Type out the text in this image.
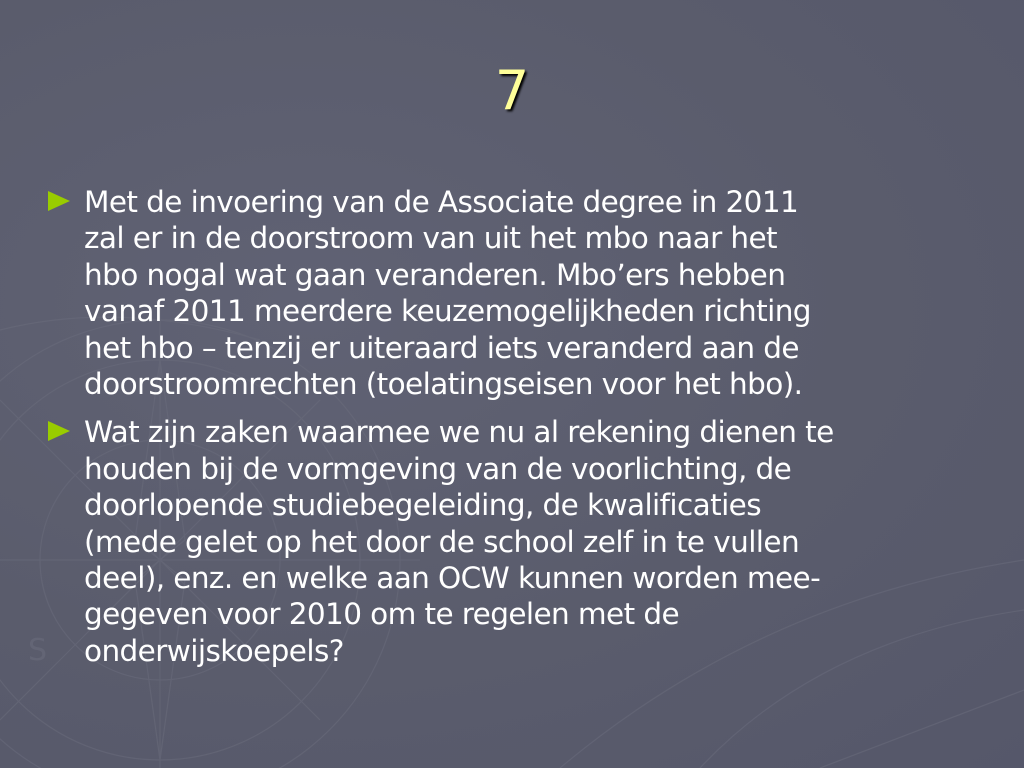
S
7
Met de invoering van de Associate degree in 2011
zal er in de doorstroom van uit het mbo naar het
hbo nogal wat gaan veranderen. Mbo’ers hebben
vanaf 2011 meerdere keuzemogelijkheden richting
het hbo – tenzij er uiteraard iets veranderd aan de
doorstroomrechten (toelatingseisen voor het hbo).
Wat zijn zaken waarmee we nu al rekening dienen te
houden bij de vormgeving van de voorlichting, de
doorlopende studiebegeleiding, de kwalificaties
(mede gelet op het door de school zelf in te vullen
deel), enz. en welke aan OCW kunnen worden mee-
gegeven voor 2010 om te regelen met de
onderwijskoepels?
